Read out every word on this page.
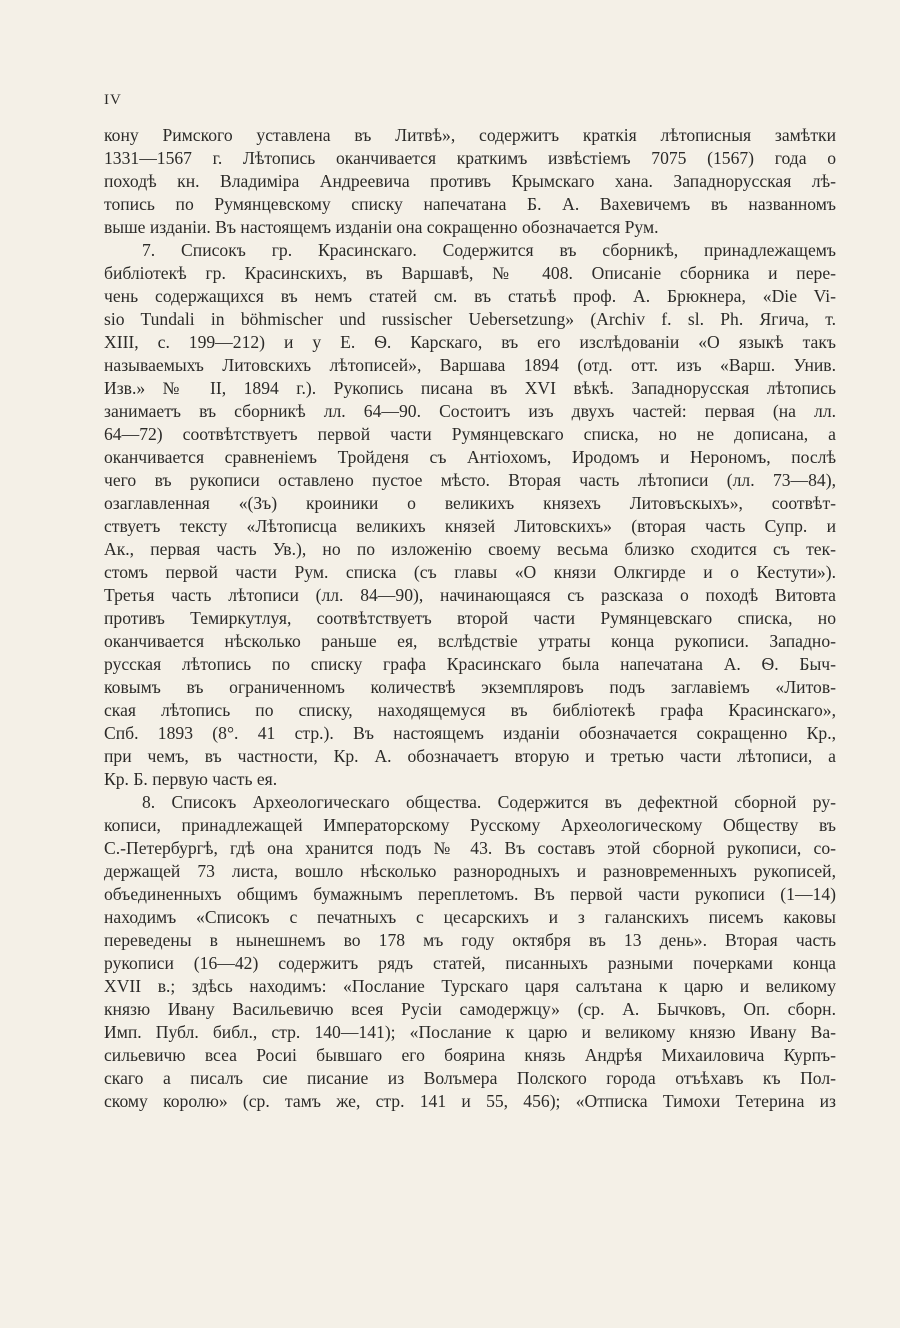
IV
кону Римского уставлена въ Литвѣ», содержитъ краткія лѣтописныя замѣтки
1331—1567 г. Лѣтопись оканчивается краткимъ извѣстіемъ 7075 (1567) года о
походѣ кн. Владиміра Андреевича противъ Крымскаго хана. Западнорусская лѣ-
топись по Румянцевскому списку напечатана Б. А. Вахевичемъ въ названномъ
выше изданіи. Въ настоящемъ изданіи она сокращенно обозначается Рум.
7. Списокъ гр. Красинскаго. Содержится въ сборникѣ, принадлежащемъ
библіотекѣ гр. Красинскихъ, въ Варшавѣ, № 408. Описаніе сборника и пере-
чень содержащихся въ немъ статей см. въ статьѣ проф. А. Брюкнера, «Die Vi-
sio Tundali in böhmischer und russischer Uebersetzung» (Archiv f. sl. Ph. Ягича, т.
XIII, с. 199—212) и у Е. Ѳ. Карскаго, въ его изслѣдованіи «О языкѣ такъ
называемыхъ Литовскихъ лѣтописей», Варшава 1894 (отд. отт. изъ «Варш. Унив.
Изв.» № II, 1894 г.). Рукопись писана въ XVI вѣкѣ. Западнорусская лѣтопись
занимаетъ въ сборникѣ лл. 64—90. Состоитъ изъ двухъ частей: первая (на лл.
64—72) соотвѣтствуетъ первой части Румянцевскаго списка, но не дописана, а
оканчивается сравненіемъ Тройденя съ Антіохомъ, Иродомъ и Нерономъ, послѣ
чего въ рукописи оставлено пустое мѣсто. Вторая часть лѣтописи (лл. 73—84),
озаглавленная «(Зъ) кроиники о великихъ князехъ Литовъскыхъ», соотвѣт-
ствуетъ тексту «Лѣтописца великихъ князей Литовскихъ» (вторая часть Супр. и
Ак., первая часть Ув.), но по изложенію своему весьма близко сходится съ тек-
стомъ первой части Рум. списка (съ главы «О князи Олкгирде и о Кестути»).
Третья часть лѣтописи (лл. 84—90), начинающаяся съ разсказа о походѣ Витовта
противъ Темиркутлуя, соотвѣтствуетъ второй части Румянцевскаго списка, но
оканчивается нѣсколько раньше ея, вслѣдствіе утраты конца рукописи. Западно-
русская лѣтопись по списку графа Красинскаго была напечатана А. Ѳ. Быч-
ковымъ въ ограниченномъ количествѣ экземпляровъ подъ заглавіемъ «Литов-
ская лѣтопись по списку, находящемуся въ библіотекѣ графа Красинскаго»,
Спб. 1893 (8°. 41 стр.). Въ настоящемъ изданіи обозначается сокращенно Кр.,
при чемъ, въ частности, Кр. А. обозначаетъ вторую и третью части лѣтописи, а
Кр. Б. первую часть ея.
8. Списокъ Археологическаго общества. Содержится въ дефектной сборной ру-
кописи, принадлежащей Императорскому Русскому Археологическому Обществу въ
С.-Петербургѣ, гдѣ она хранится подъ № 43. Въ составъ этой сборной рукописи, со-
держащей 73 листа, вошло нѣсколько разнородныхъ и разновременныхъ рукописей,
объединенныхъ общимъ бумажнымъ переплетомъ. Въ первой части рукописи (1—14)
находимъ «Списокъ с печатныхъ с цесарскихъ и з галанскихъ писемъ каковы
переведены в нынешнемъ во 178 мъ году октября въ 13 день». Вторая часть
рукописи (16—42) содержитъ рядъ статей, писанныхъ разными почерками конца
XVII в.; здѣсь находимъ: «Послание Турскаго царя салътана к царю и великому
князю Ивану Васильевичю всея Русіи самодержцу» (ср. А. Бычковъ, Оп. сборн.
Имп. Публ. библ., стр. 140—141); «Послание к царю и великому князю Ивану Ва-
сильевичю всеа Росиі бывшаго его боярина князь Андрѣя Михаиловича Курпъ-
скаго а писалъ сие писание из Волъмера Полского города отъѣхавъ къ Пол-
скому королю» (ср. тамъ же, стр. 141 и 55, 456); «Отписка Тимохи Тетерина из
